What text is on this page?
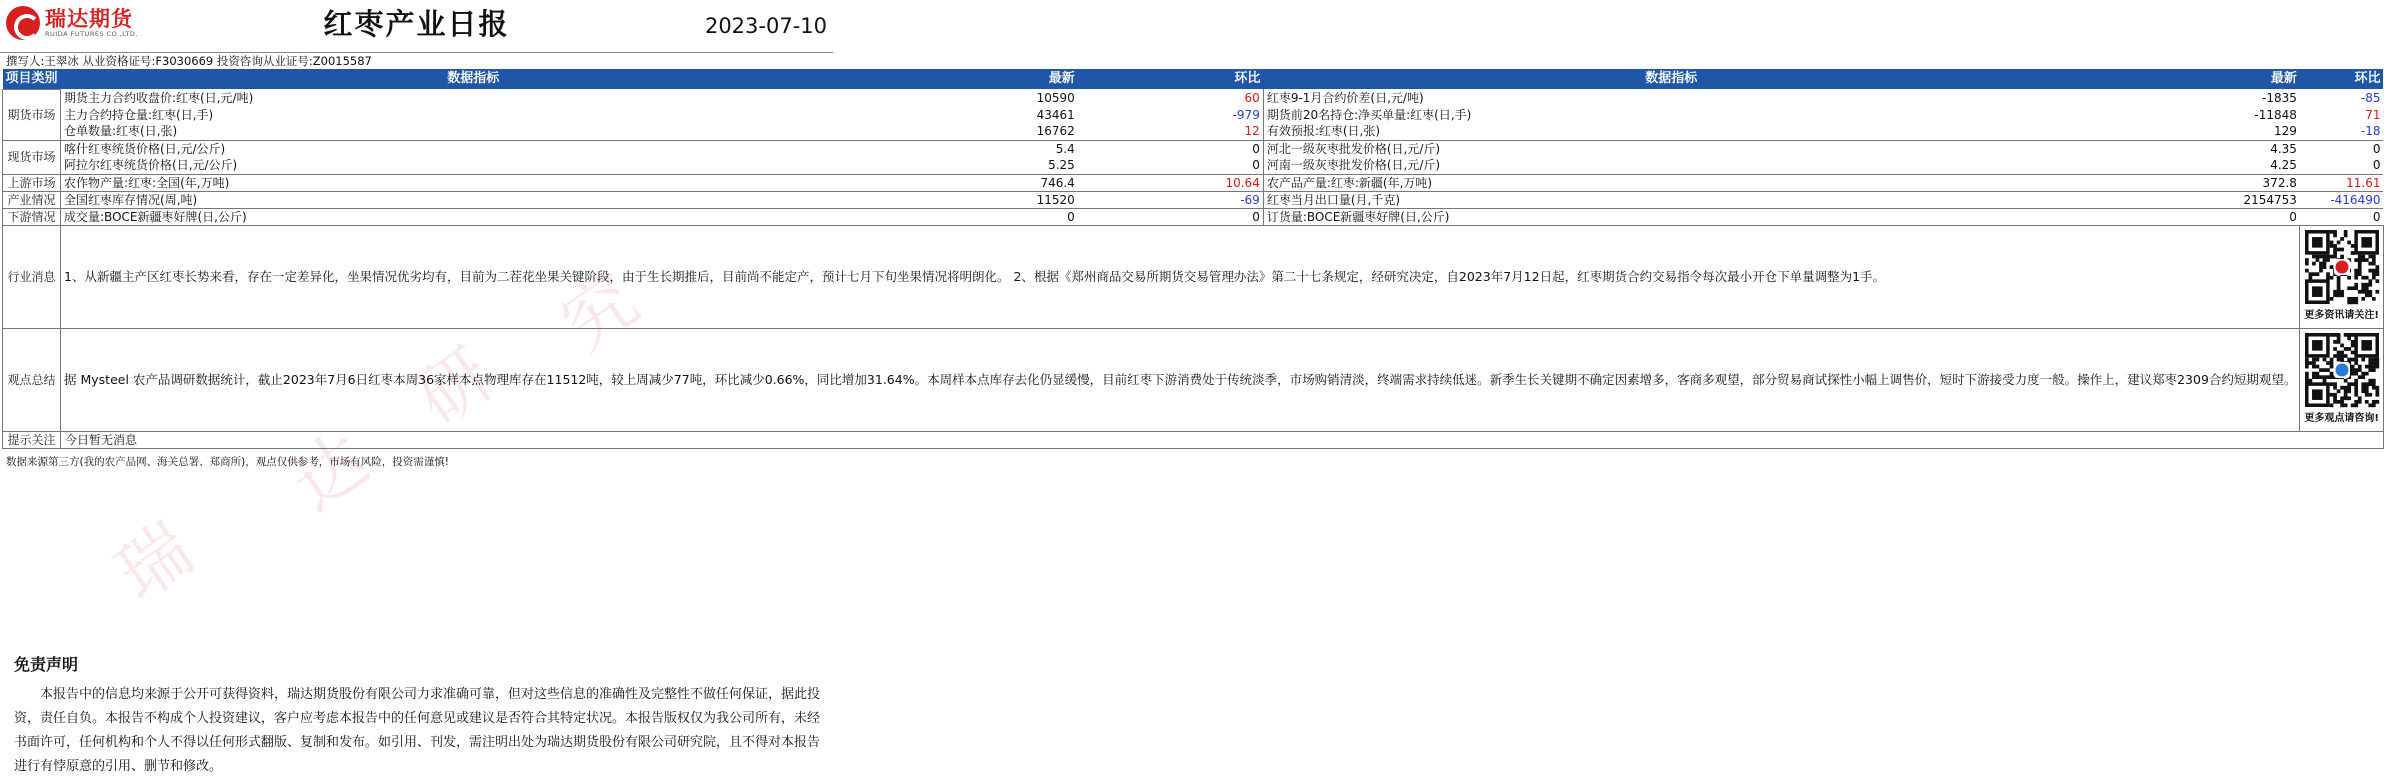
瑞
达
研
究
瑞达期货
RUIDA FUTURES CO.,LTD.	红枣产业日报	2023-07-10
撰写人:王翠冰 从业资格证号:F3030669 投资咨询从业证号:Z0015587
项目类别	数据指标	最新	环比	数据指标	最新	环比
期货市场	期货主力合约收盘价:红枣(日,元/吨)	10590	60	红枣9-1月合约价差(日,元/吨)	-1835	-85
	主力合约持仓量:红枣(日,手)	43461	-979	期货前20名持仓:净买单量:红枣(日,手)	-11848	71
	仓单数量:红枣(日,张)	16762	12	有效预报:红枣(日,张)	129	-18
现货市场	喀什红枣统货价格(日,元/公斤)	5.4	0	河北一级灰枣批发价格(日,元/斤)	4.35	0
	阿拉尔红枣统货价格(日,元/公斤)	5.25	0	河南一级灰枣批发价格(日,元/斤)	4.25	0
上游市场	农作物产量:红枣:全国(年,万吨)	746.4	10.64	农产品产量:红枣:新疆(年,万吨)	372.8	11.61
产业情况	全国红枣库存情况(周,吨)	11520	-69	红枣当月出口量(月,千克)	2154753	-416490
下游情况	成交量:BOCE新疆枣好牌(日,公斤)	0	0	订货量:BOCE新疆枣好牌(日,公斤)	0	0
行业消息	1、从新疆主产区红枣长势来看，存在一定差异化，坐果情况优劣均有，目前为二茬花坐果关键阶段，由于生长期推后，目前尚不能定产，预计七月下旬坐果情况将明朗化。 2、根据《郑州商品交易所期货交易管理办法》第二十七条规定，经研究决定，自2023年7月12日起，红枣期货合约交易指令每次最小开仓下单量调整为1手。					更多资讯请关注!

观点总结	据 Mysteel 农产品调研数据统计，截止2023年7月6日红枣本周36家样本点物理库存在11512吨，较上周减少77吨，环比减少0.66%，同比增加31.64%。本周样本点库存去化仍显缓慢，目前红枣下游消费处于传统淡季，市场购销清淡，终端需求持续低迷。新季生长关键期不确定因素增多，客商多观望，部分贸易商试探性小幅上调售价，短时下游接受力度一般。操作上，建议郑枣2309合约短期观望。					更多观点请咨询!

提示关注	今日暂无消息					
数据来源第三方(我的农产品网、海关总署、郑商所)，观点仅供参考，市场有风险，投资需谨慎!
免责声明
本报告中的信息均来源于公开可获得资料，瑞达期货股份有限公司力求准确可靠，但对这些信息的准确性及完整性不做任何保证，据此投资，责任自负。本报告不构成个人投资建议，客户应考虑本报告中的任何意见或建议是否符合其特定状况。本报告版权仅为我公司所有，未经书面许可，任何机构和个人不得以任何形式翻版、复制和发布。如引用、刊发，需注明出处为瑞达期货股份有限公司研究院，且不得对本报告进行有悖原意的引用、删节和修改。
